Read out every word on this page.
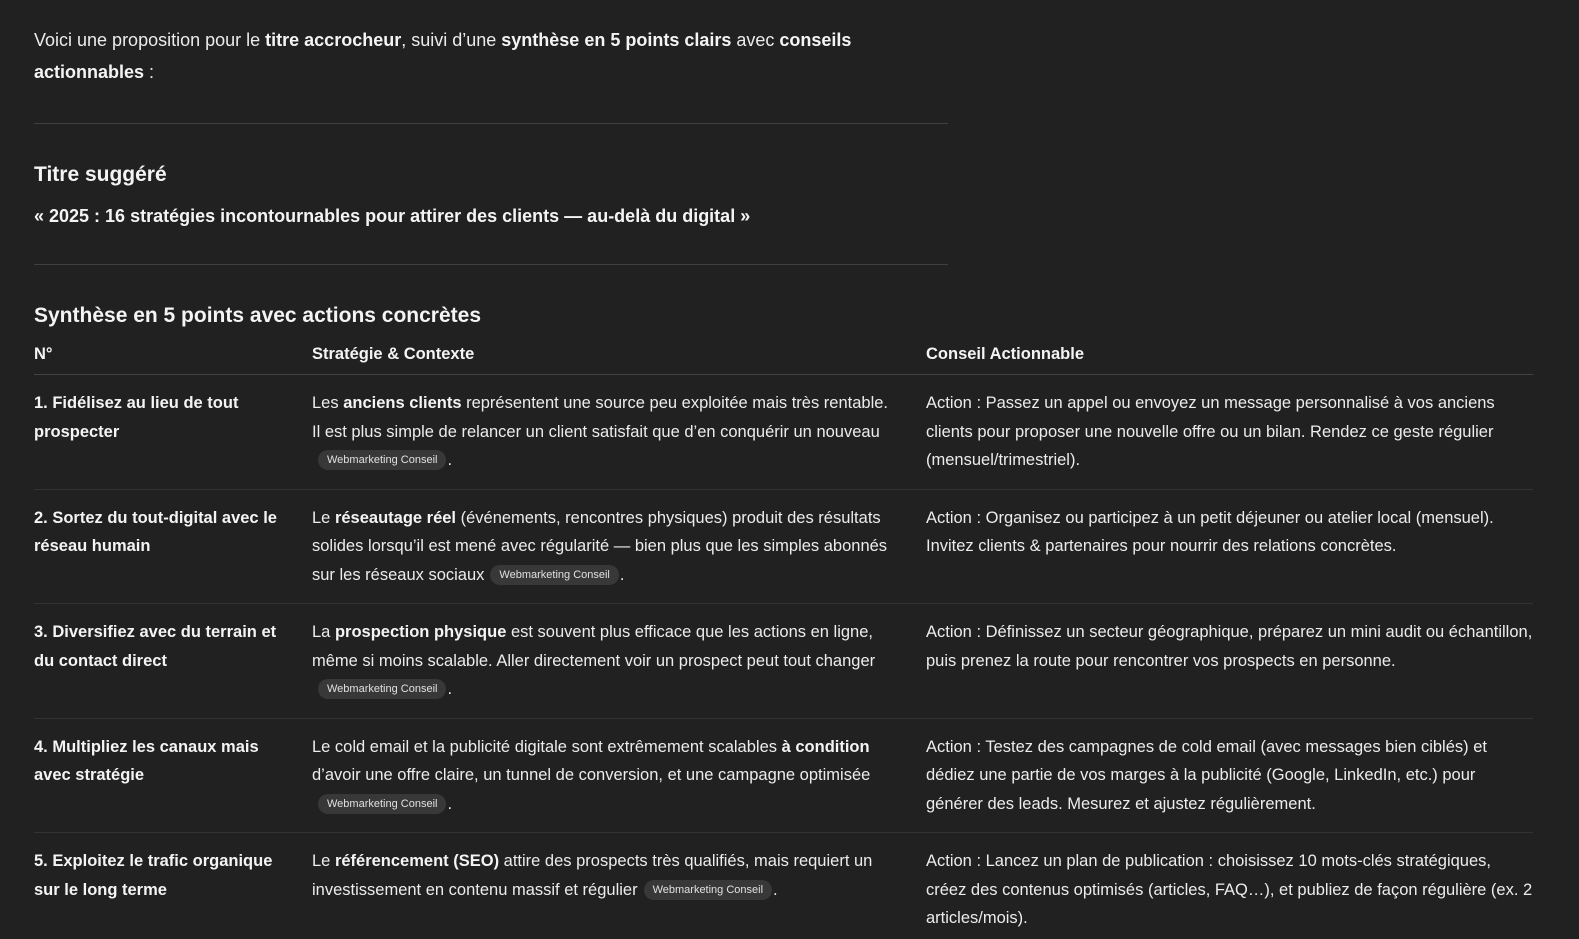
Voici une proposition pour le titre accrocheur, suivi d’une synthèse en 5 points clairs avec conseils actionnables :

Titre suggéré

« 2025 : 16 stratégies incontournables pour attirer des clients — au-delà du digital »

Synthèse en 5 points avec actions concrètes
N°	Stratégie & Contexte	Conseil Actionnable

1. Fidélisez au lieu de tout prospecter	Les anciens clients représentent une source peu exploitée mais très rentable. Il est plus simple de relancer un client satisfait que d’en conquérir un nouveauWebmarketing Conseil .	Action : Passez un appel ou envoyez un message personnalisé à vos anciens clients pour proposer une nouvelle offre ou un bilan. Rendez ce geste régulier (mensuel/trimestriel).

2. Sortez du tout-digital avec le réseau humain	Le réseautage réel (événements, rencontres physiques) produit des résultats solides lorsqu’il est mené avec régularité — bien plus que les simples abonnés sur les réseaux sociaux Webmarketing Conseil .	Action : Organisez ou participez à un petit déjeuner ou atelier local (mensuel). Invitez clients & partenaires pour nourrir des relations concrètes.

3. Diversifiez avec du terrain et du contact direct	La prospection physique est souvent plus efficace que les actions en ligne, même si moins scalable. Aller directement voir un prospect peut tout changerWebmarketing Conseil .	Action : Définissez un secteur géographique, préparez un mini audit ou échantillon, puis prenez la route pour rencontrer vos prospects en personne.

4. Multipliez les canaux mais avec stratégie	Le cold email et la publicité digitale sont extrêmement scalables à condition d’avoir une offre claire, un tunnel de conversion, et une campagne optimiséeWebmarketing Conseil .	Action : Testez des campagnes de cold email (avec messages bien ciblés) et dédiez une partie de vos marges à la publicité (Google, LinkedIn, etc.) pour générer des leads. Mesurez et ajustez régulièrement.

5. Exploitez le trafic organique sur le long terme	Le référencement (SEO) attire des prospects très qualifiés, mais requiert un investissement en contenu massif et régulier Webmarketing Conseil .	Action : Lancez un plan de publication : choisissez 10 mots-clés stratégiques, créez des contenus optimisés (articles, FAQ…), et publiez de façon régulière (ex. 2 articles/mois).
